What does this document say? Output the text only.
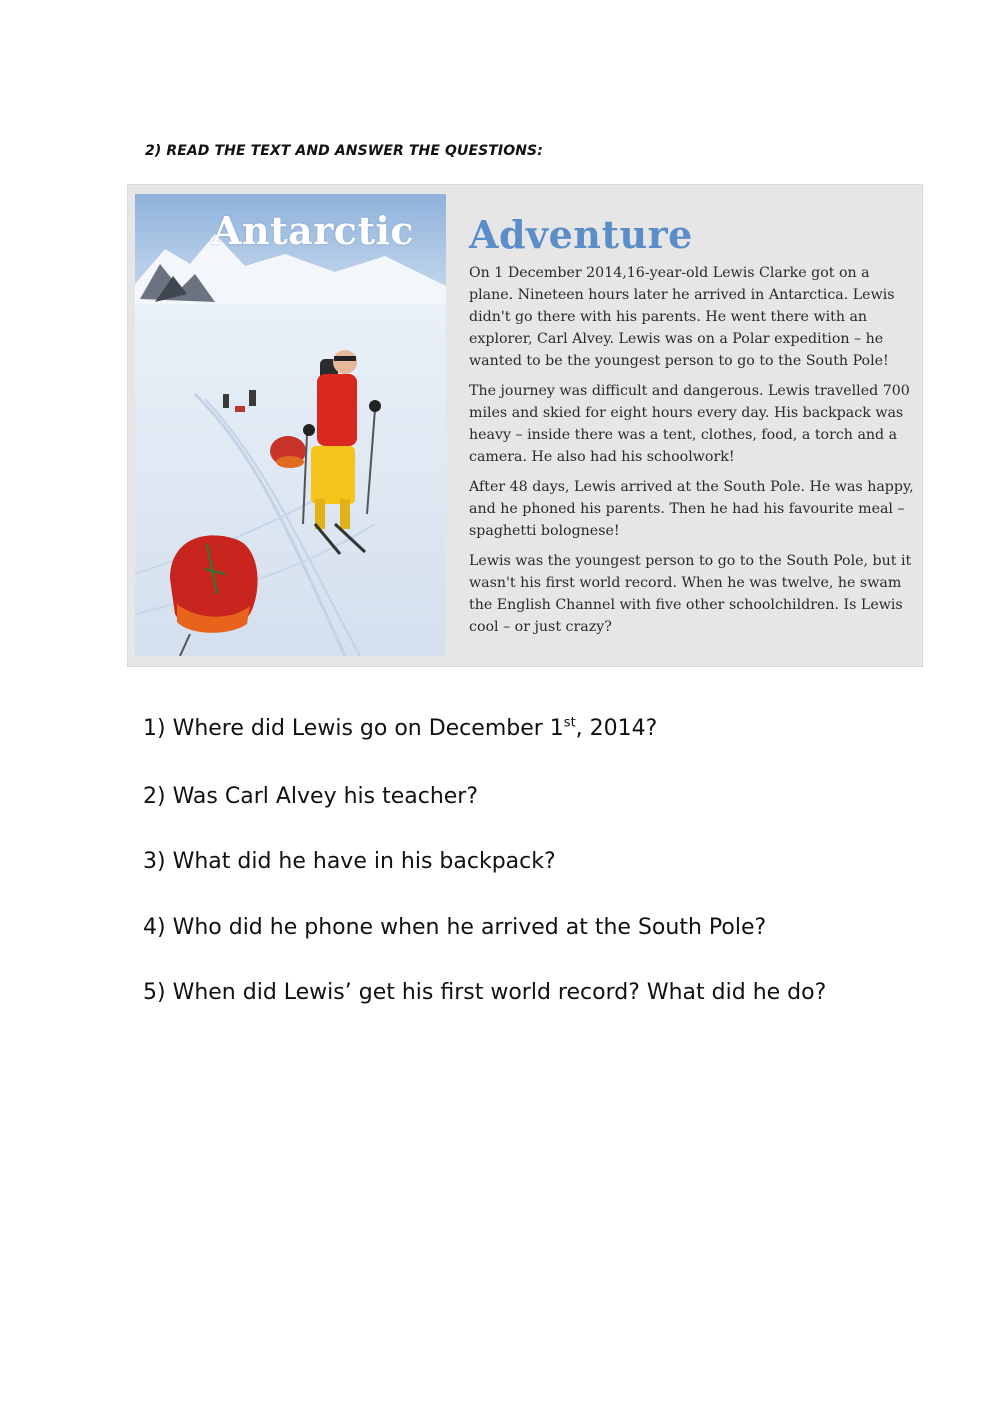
2) READ THE TEXT AND ANSWER THE QUESTIONS:
Antarctic Adventure

On 1 December 2014,16-year-old Lewis Clarke got on a plane. Nineteen hours later he arrived in Antarctica. Lewis didn't go there with his parents. He went there with an explorer, Carl Alvey. Lewis was on a Polar expedition – he wanted to be the youngest person to go to the South Pole!

The journey was difficult and dangerous. Lewis travelled 700 miles and skied for eight hours every day. His backpack was heavy – inside there was a tent, clothes, food, a torch and a camera. He also had his schoolwork!

After 48 days, Lewis arrived at the South Pole. He was happy, and he phoned his parents. Then he had his favourite meal – spaghetti bolognese!

Lewis was the youngest person to go to the South Pole, but it wasn't his first world record. When he was twelve, he swam the English Channel with five other schoolchildren. Is Lewis cool – or just crazy?

1) Where did Lewis go on December 1st, 2014?
2) Was Carl Alvey his teacher?
3) What did he have in his backpack?
4) Who did he phone when he arrived at the South Pole?
5) When did Lewis’ get his first world record? What did he do?
